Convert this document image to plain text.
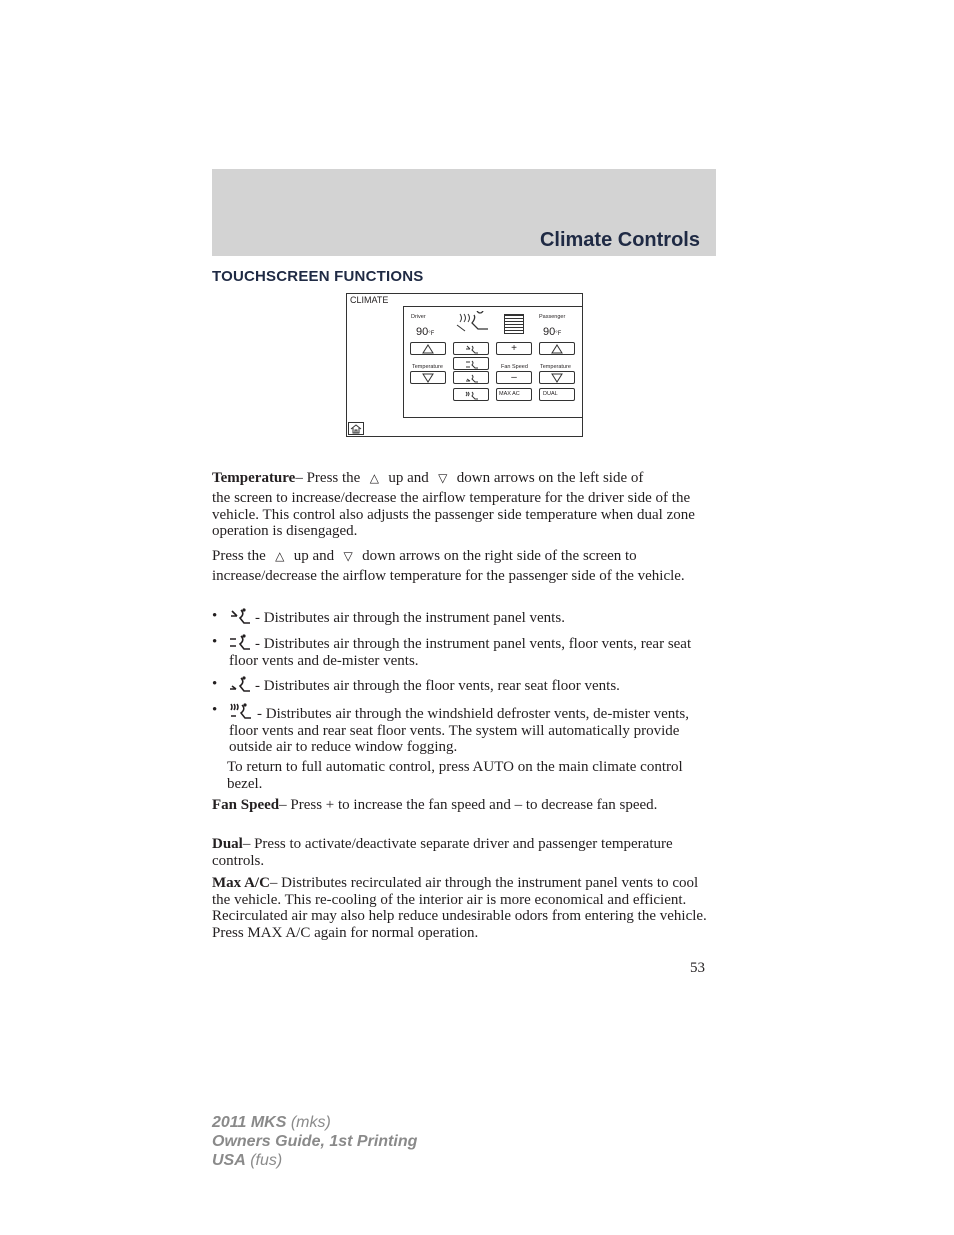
Climate Controls
TOUCHSCREEN FUNCTIONS
CLIMATE
Driver	Passenger
90°F	90°F
+
Temperature	Fan Speed Temperature
–
MAX AC	DUAL
Temperature– Press the △ up and ▽ down arrows on the left side of
the screen to increase/decrease the airflow temperature for the driver side of the vehicle. This control also adjusts the passenger side temperature when dual zone operation is disengaged.
Press the △ up and ▽ down arrows on the right side of the screen to
increase/decrease the airflow temperature for the passenger side of the vehicle.
•	- Distributes air through the instrument panel vents.
•	- Distributes air through the instrument panel vents, floor vents, rear seat floor vents and de-mister vents.
•	- Distributes air through the floor vents, rear seat floor vents.
•	- Distributes air through the windshield defroster vents, de-mister vents, floor vents and rear seat floor vents. The system will automatically provide outside air to reduce window fogging.
To return to full automatic control, press AUTO on the main climate control bezel.
Fan Speed– Press + to increase the fan speed and – to decrease fan speed.
Dual– Press to activate/deactivate separate driver and passenger temperature controls.
Max A/C– Distributes recirculated air through the instrument panel vents to cool the vehicle. This re-cooling of the interior air is more economical and efficient. Recirculated air may also help reduce undesirable odors from entering the vehicle. Press MAX A/C again for normal operation.
53
2011 MKS (mks)
Owners Guide, 1st Printing
USA (fus)
